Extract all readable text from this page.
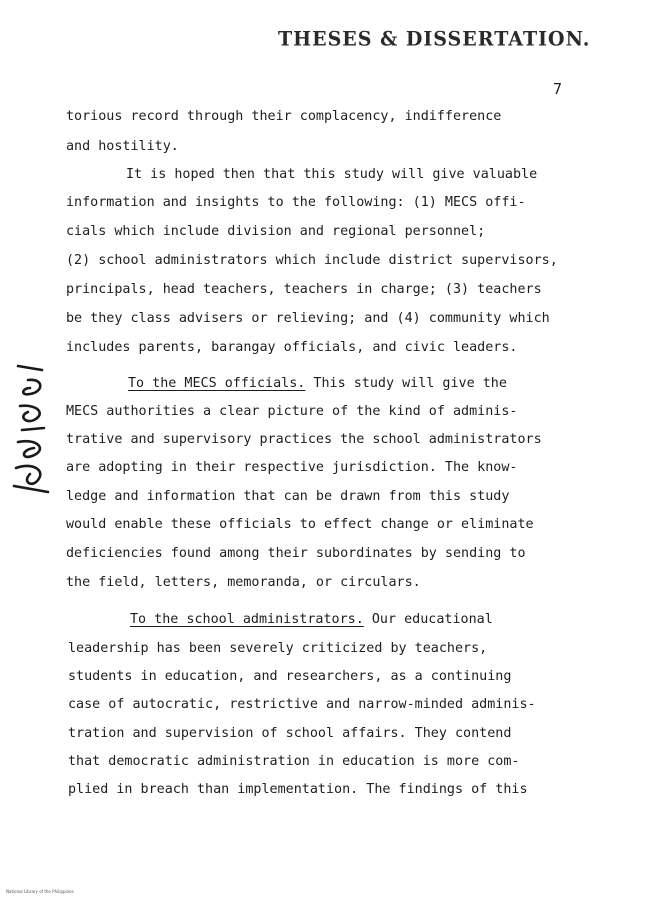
THESES & DISSERTATION.
7
torious record through their complacency, indifference
and hostility.
It is hoped then that this study will give valuable
information and insights to the following: (1) MECS offi-
cials which include division and regional personnel;
(2) school administrators which include district supervisors,
principals, head teachers, teachers in charge; (3) teachers
be they class advisers or relieving; and (4) community which
includes parents, barangay officials, and civic leaders.
To the MECS officials. This study will give the
MECS authorities a clear picture of the kind of adminis-
trative and supervisory practices the school administrators
are adopting in their respective jurisdiction. The know-
ledge and information that can be drawn from this study
would enable these officials to effect change or eliminate
deficiencies found among their subordinates by sending to
the field, letters, memoranda, or circulars.
To the school administrators. Our educational
leadership has been severely criticized by teachers,
students in education, and researchers, as a continuing
case of autocratic, restrictive and narrow-minded adminis-
tration and supervision of school affairs. They contend
that democratic administration in education is more com-
plied in breach than implementation. The findings of this
National Library of the Philippines
